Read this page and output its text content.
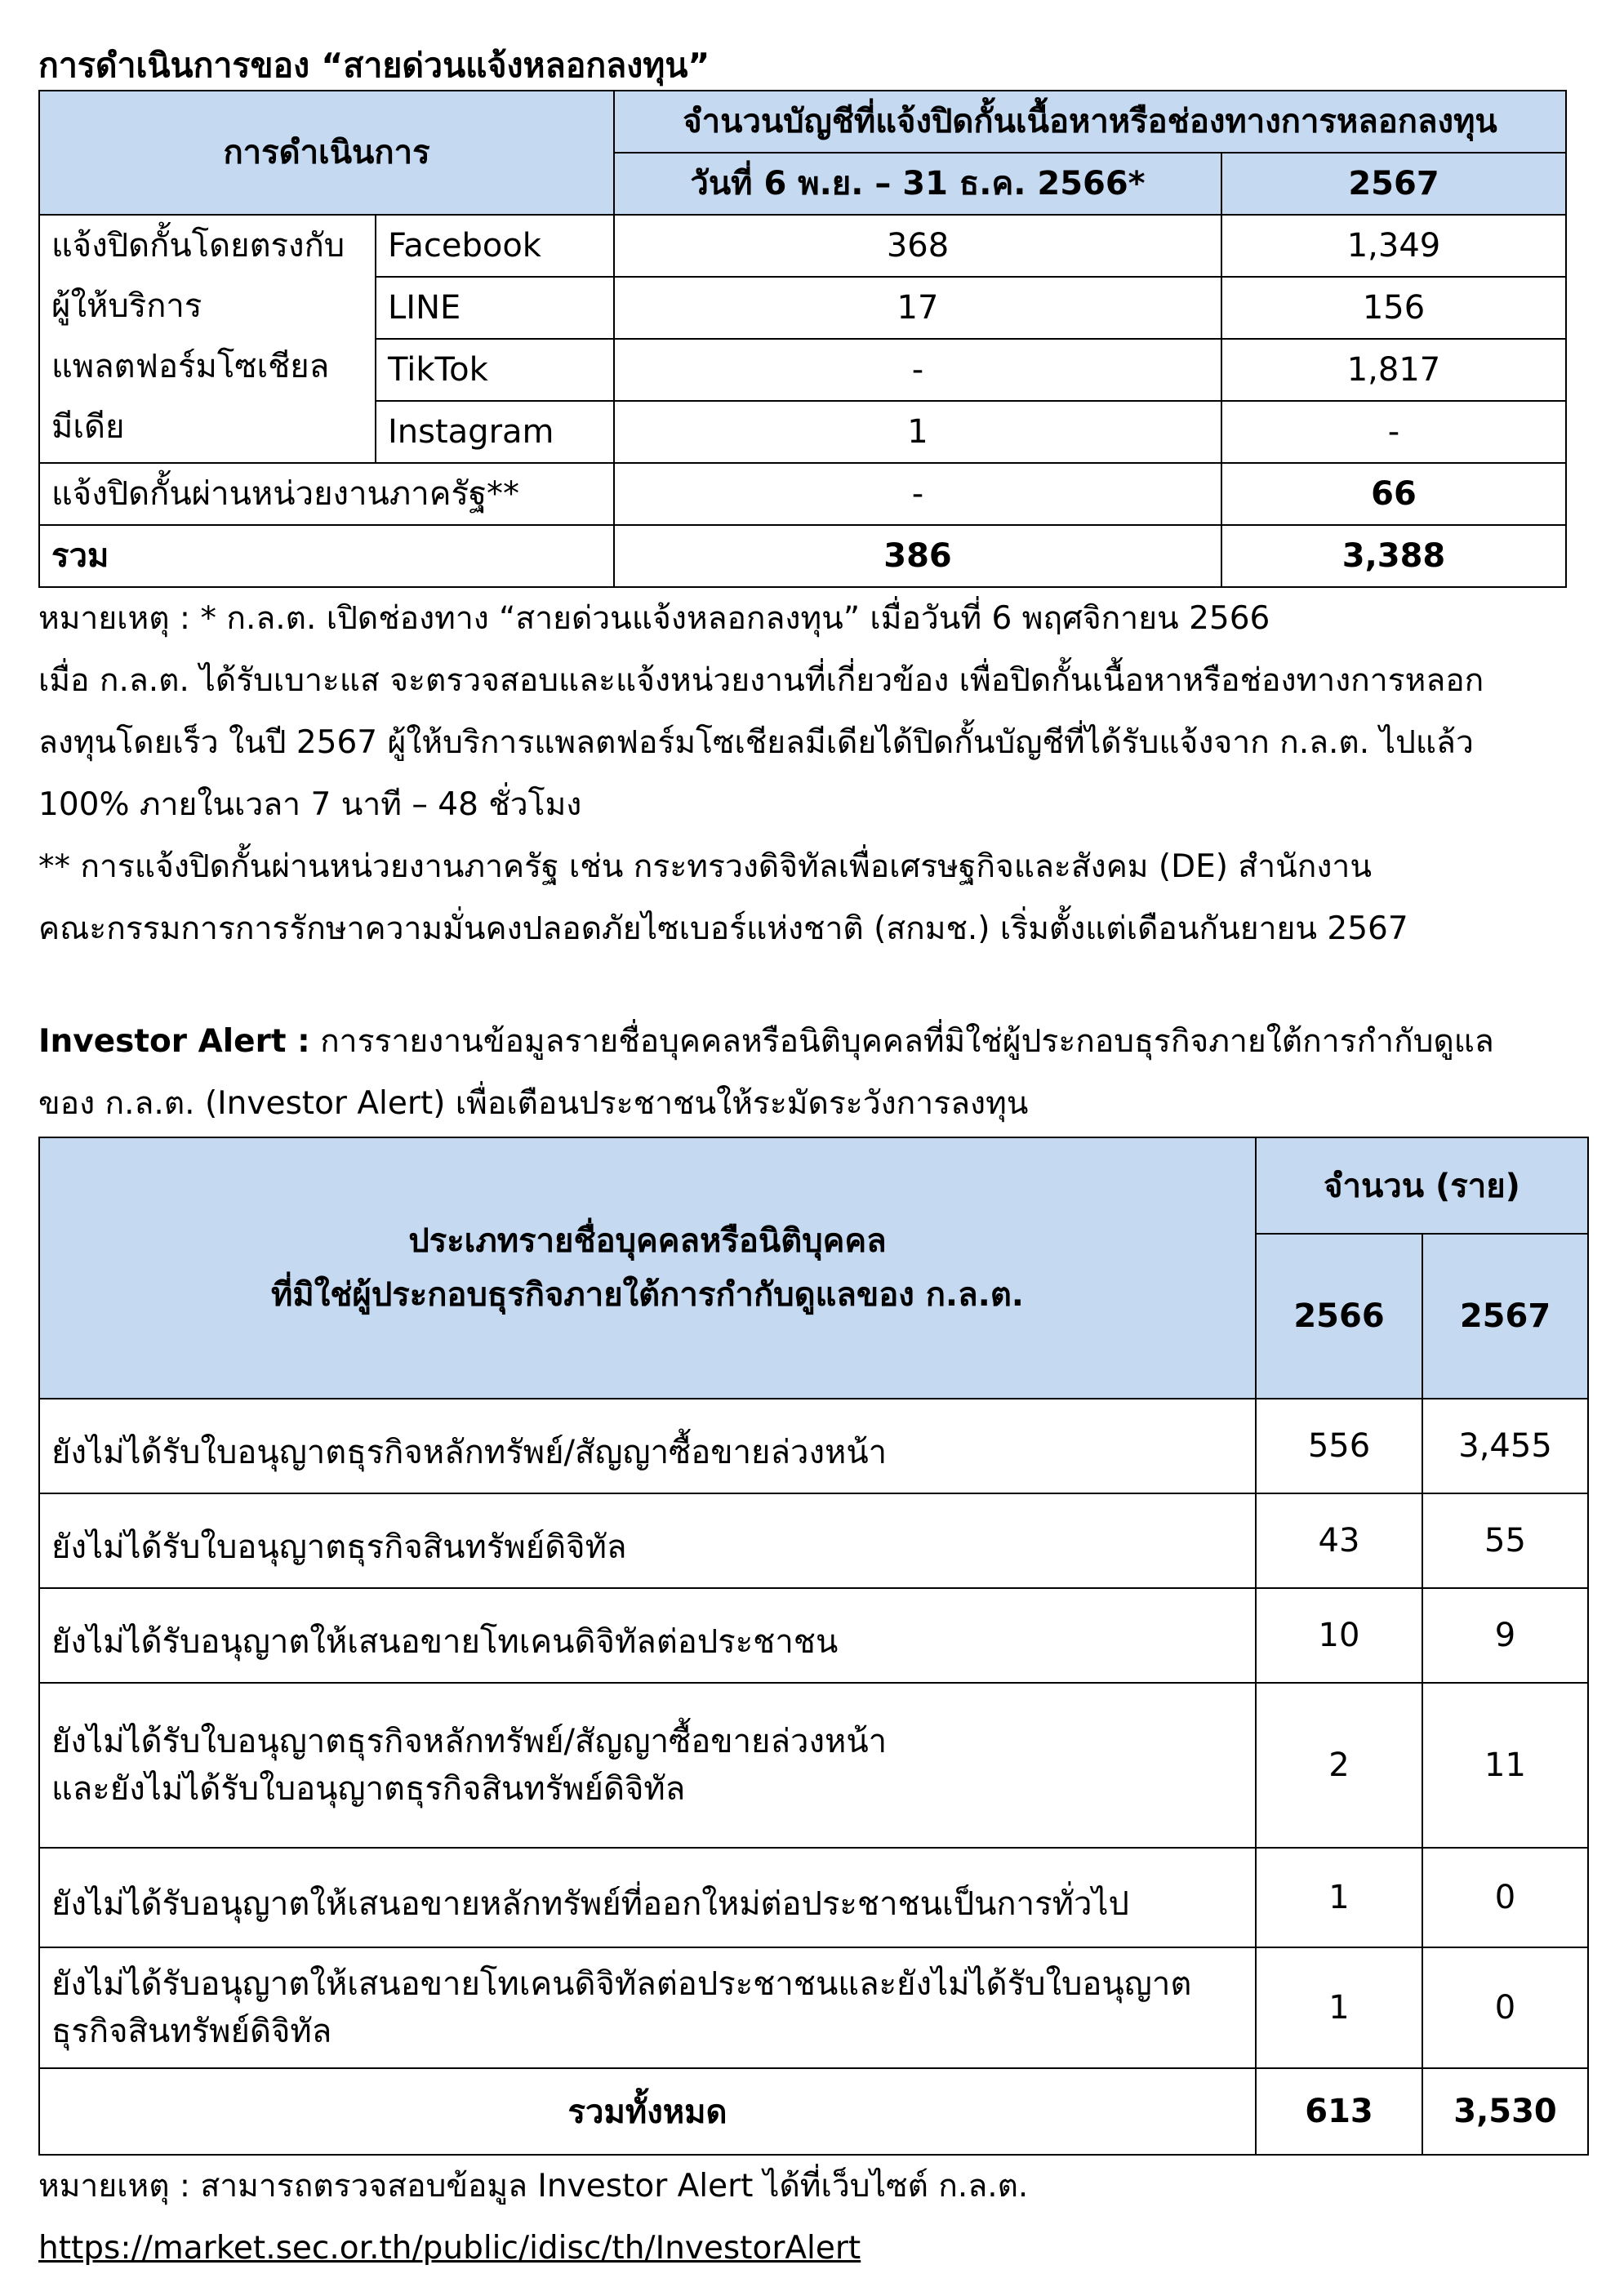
การดำเนินการของ “สายด่วนแจ้งหลอกลงทุน”
การดำเนินการ		จำนวนบัญชีที่แจ้งปิดกั้นเนื้อหาหรือช่องทางการหลอกลงทุน	
		วันที่ 6 พ.ย. – 31 ธ.ค. 2566*	2567

แจ้งปิดกั้นโดยตรงกับ
ผู้ให้บริการ
แพลตฟอร์มโซเชียล
มีเดีย	Facebook	368	1,349
	LINE	17	156
	TikTok	-	1,817
	Instagram	1	-
แจ้งปิดกั้นผ่านหน่วยงานภาครัฐ**		-	66
รวม		386	3,388
หมายเหตุ : * ก.ล.ต. เปิดช่องทาง “สายด่วนแจ้งหลอกลงทุน” เมื่อวันที่ 6 พฤศจิกายน 2566
เมื่อ ก.ล.ต. ได้รับเบาะแส จะตรวจสอบและแจ้งหน่วยงานที่เกี่ยวข้อง เพื่อปิดกั้นเนื้อหาหรือช่องทางการหลอก
ลงทุนโดยเร็ว ในปี 2567 ผู้ให้บริการแพลตฟอร์มโซเชียลมีเดียได้ปิดกั้นบัญชีที่ได้รับแจ้งจาก ก.ล.ต. ไปแล้ว
100% ภายในเวลา 7 นาที – 48 ชั่วโมง
** การแจ้งปิดกั้นผ่านหน่วยงานภาครัฐ เช่น กระทรวงดิจิทัลเพื่อเศรษฐกิจและสังคม (DE) สำนักงาน
คณะกรรมการการรักษาความมั่นคงปลอดภัยไซเบอร์แห่งชาติ (สกมช.) เริ่มตั้งแต่เดือนกันยายน 2567
Investor Alert : การรายงานข้อมูลรายชื่อบุคคลหรือนิติบุคคลที่มิใช่ผู้ประกอบธุรกิจภายใต้การกำกับดูแล
ของ ก.ล.ต. (Investor Alert) เพื่อเตือนประชาชนให้ระมัดระวังการลงทุน
ประเภทรายชื่อบุคคลหรือนิติบุคคล
ที่มิใช่ผู้ประกอบธุรกิจภายใต้การกำกับดูแลของ ก.ล.ต.	จำนวน (ราย)	
	2566	2567
ยังไม่ได้รับใบอนุญาตธุรกิจหลักทรัพย์/สัญญาซื้อขายล่วงหน้า	556	3,455
ยังไม่ได้รับใบอนุญาตธุรกิจสินทรัพย์ดิจิทัล	43	55
ยังไม่ได้รับอนุญาตให้เสนอขายโทเคนดิจิทัลต่อประชาชน	10	9

ยังไม่ได้รับใบอนุญาตธุรกิจหลักทรัพย์/สัญญาซื้อขายล่วงหน้า
และยังไม่ได้รับใบอนุญาตธุรกิจสินทรัพย์ดิจิทัล	2	11
ยังไม่ได้รับอนุญาตให้เสนอขายหลักทรัพย์ที่ออกใหม่ต่อประชาชนเป็นการทั่วไป	1	0

ยังไม่ได้รับอนุญาตให้เสนอขายโทเคนดิจิทัลต่อประชาชนและยังไม่ได้รับใบอนุญาต
ธุรกิจสินทรัพย์ดิจิทัล	1	0
รวมทั้งหมด	613	3,530
หมายเหตุ : สามารถตรวจสอบข้อมูล Investor Alert ได้ที่เว็บไซต์ ก.ล.ต.
https://market.sec.or.th/public/idisc/th/InvestorAlert
